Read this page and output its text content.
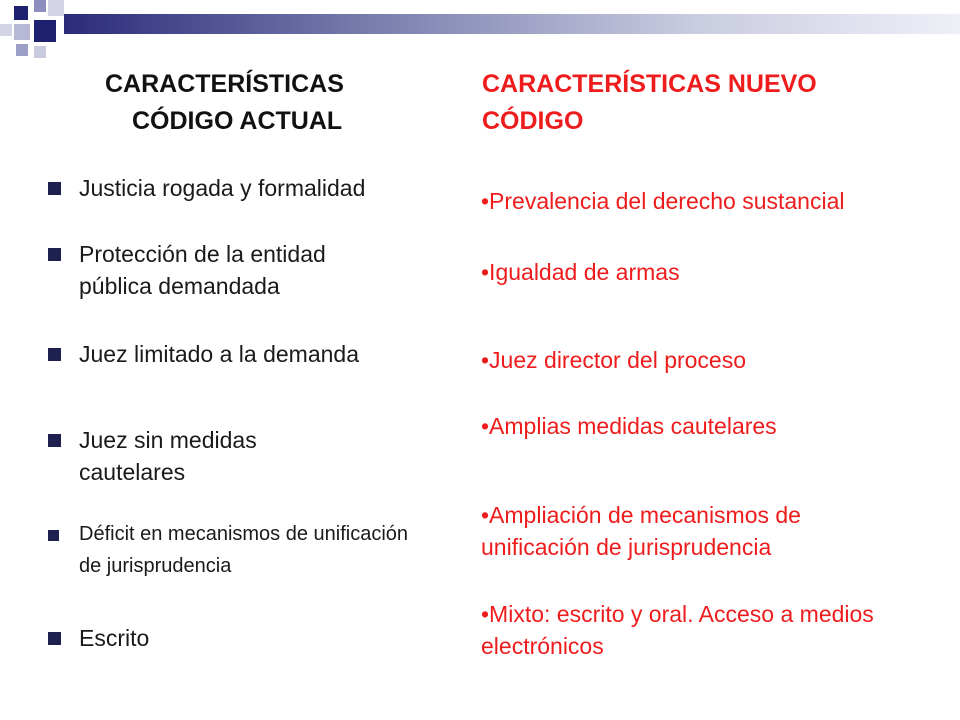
CARACTERÍSTICAS
CÓDIGO ACTUAL
Justicia rogada y formalidad
Protección de la entidad pública demandada
Juez limitado a la demanda
Juez sin medidas cautelares
Déficit en mecanismos de unificación de jurisprudencia
Escrito
CARACTERÍSTICAS NUEVO CÓDIGO
•Prevalencia del derecho sustancial
•Igualdad de armas
•Juez director del proceso
•Amplias medidas cautelares
•Ampliación de mecanismos de unificación de jurisprudencia
•Mixto: escrito y oral. Acceso a medios electrónicos
